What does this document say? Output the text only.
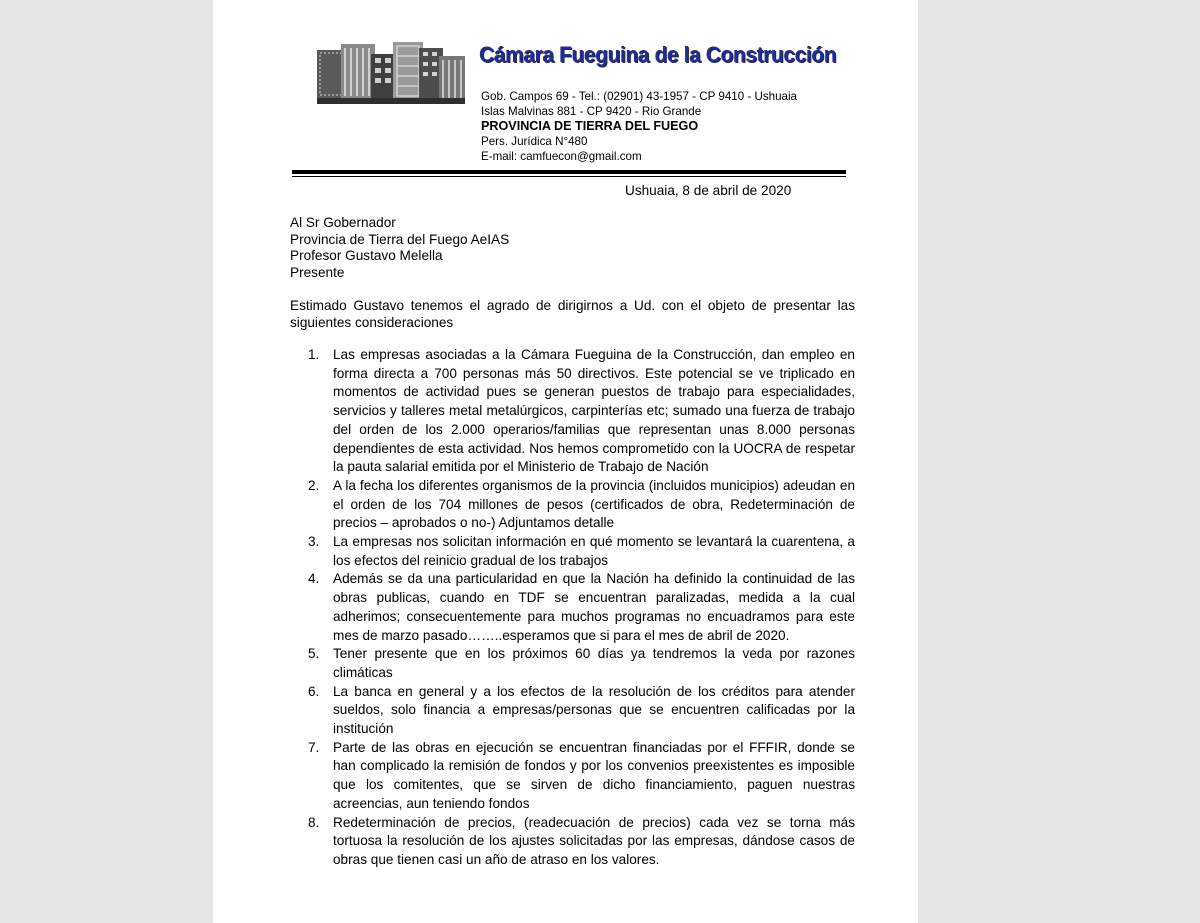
Cámara Fueguina de la Construcción
Gob. Campos 69 - Tel.: (02901) 43-1957 - CP 9410 - Ushuaia
Islas Malvinas 881 - CP 9420 - Rio Grande
PROVINCIA DE TIERRA DEL FUEGO
Pers. Jurídica N°480
E-mail: camfuecon@gmail.com
Ushuaia, 8 de abril de 2020
Al Sr Gobernador
Provincia de Tierra del Fuego AeIAS
Profesor Gustavo Melella
Presente
Estimado Gustavo tenemos el agrado de dirigirnos a Ud. con el objeto de presentar las siguientes consideraciones
1. Las empresas asociadas a la Cámara Fueguina de la Construcción, dan empleo en forma directa a 700 personas más 50 directivos. Este potencial se ve triplicado en momentos de actividad pues se generan puestos de trabajo para especialidades, servicios y talleres metal metalúrgicos, carpinterías etc; sumado una fuerza de trabajo del orden de los 2.000 operarios/familias que representan unas 8.000 personas dependientes de esta actividad. Nos hemos comprometido con la UOCRA de respetar la pauta salarial emitida por el Ministerio de Trabajo de Nación
2. A la fecha los diferentes organismos de la provincia (incluidos municipios) adeudan en el orden de los 704 millones de pesos (certificados de obra, Redeterminación de precios – aprobados o no-) Adjuntamos detalle
3. La empresas nos solicitan información en qué momento se levantará la cuarentena, a los efectos del reinicio gradual de los trabajos
4. Además se da una particularidad en que la Nación ha definido la continuidad de las obras publicas, cuando en TDF se encuentran paralizadas, medida a la cual adherimos; consecuentemente para muchos programas no encuadramos para este mes de marzo pasado……..esperamos que si para el mes de abril de 2020.
5. Tener presente que en los próximos 60 días ya tendremos la veda por razones climáticas
6. La banca en general y a los efectos de la resolución de los créditos para atender sueldos, solo financia a empresas/personas que se encuentren calificadas por la institución
7. Parte de las obras en ejecución se encuentran financiadas por el FFFIR, donde se han complicado la remisión de fondos y por los convenios preexistentes es imposible que los comitentes, que se sirven de dicho financiamiento, paguen nuestras acreencias, aun teniendo fondos
8. Redeterminación de precios, (readecuación de precios) cada vez se torna más tortuosa la resolución de los ajustes solicitadas por las empresas, dándose casos de obras que tienen casi un año de atraso en los valores.
